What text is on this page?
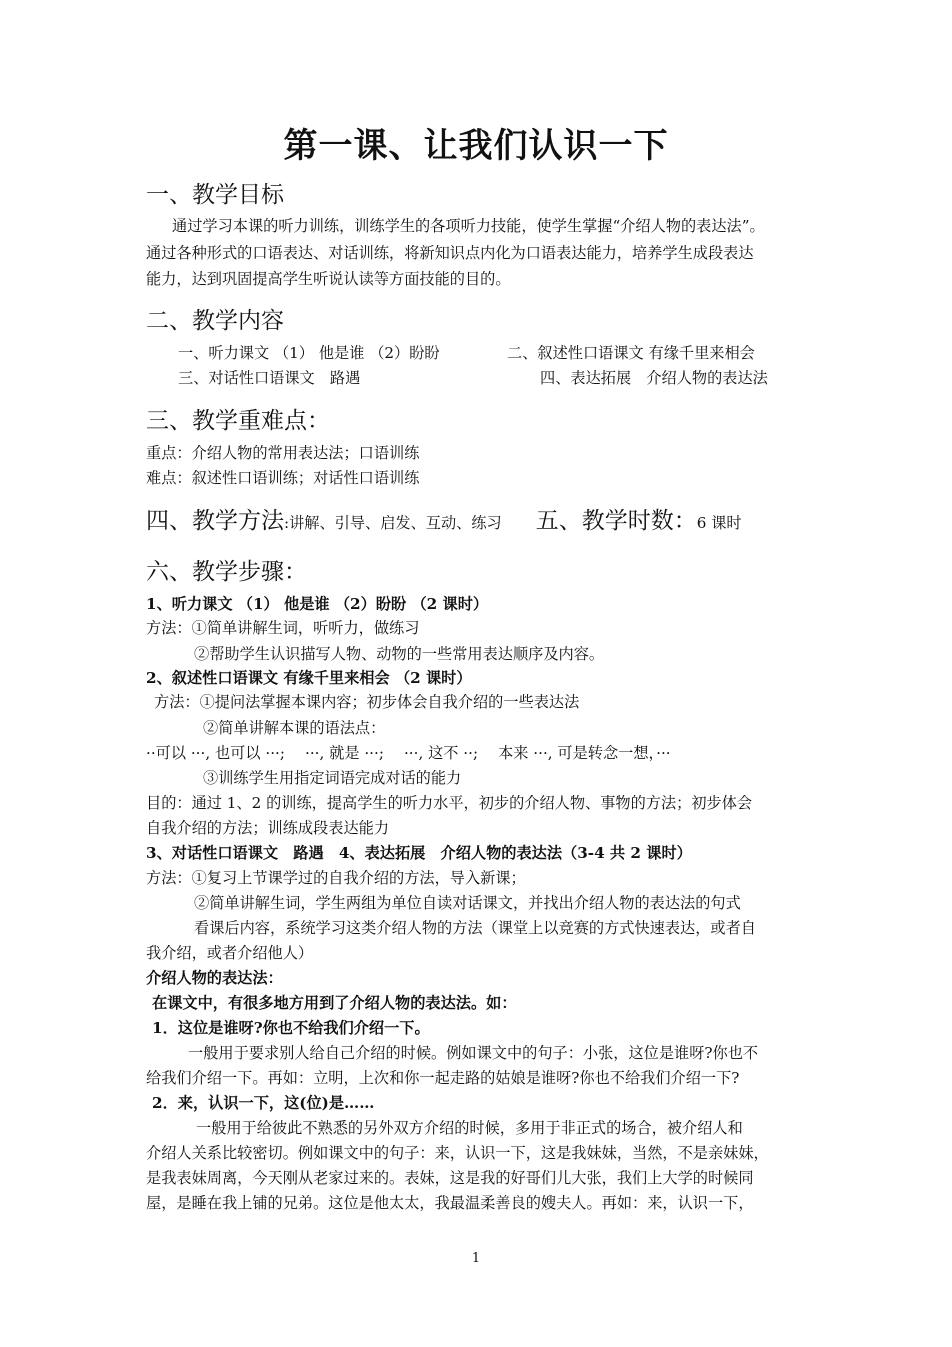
第一课、让我们认识一下
一、教学目标
通过学习本课的听力训练，训练学生的各项听力技能，使学生掌握“介绍人物的表达法”。
通过各种形式的口语表达、对话训练，将新知识点内化为口语表达能力，培养学生成段表达
能力，达到巩固提高学生听说认读等方面技能的目的。
二、教学内容
一、听力课文 （1） 他是谁 （2）盼盼	二、叙述性口语课文 有缘千里来相会
三、对话性口语课文　路遇	四、表达拓展　介绍人物的表达法
三、教学重难点：
重点：介绍人物的常用表达法；口语训练
难点：叙述性口语训练；对话性口语训练
四、教学方法:讲解、引导、启发、互动、练习 五、教学时数：6 课时
六、教学步骤：
1、听力课文 （1） 他是谁 （2）盼盼 （2 课时）
方法：①简单讲解生词，听听力，做练习
②帮助学生认识描写人物、动物的一些常用表达顺序及内容。
2、叙述性口语课文 有缘千里来相会 （2 课时）
方法：①提问法掌握本课内容；初步体会自我介绍的一些表达法
②简单讲解本课的语法点：
··可以 ···, 也可以 ···;　 ···, 就是 ···;　 ···, 这不 ··;　 本来 ···, 可是转念一想，···
③训练学生用指定词语完成对话的能力
目的：通过 1、2 的训练，提高学生的听力水平，初步的介绍人物、事物的方法；初步体会
自我介绍的方法；训练成段表达能力
3、对话性口语课文　路遇　4、表达拓展　介绍人物的表达法（3-4 共 2 课时）
方法：①复习上节课学过的自我介绍的方法，导入新课；
②简单讲解生词，学生两组为单位自读对话课文，并找出介绍人物的表达法的句式
看课后内容，系统学习这类介绍人物的方法（课堂上以竞赛的方式快速表达，或者自
我介绍，或者介绍他人）
介绍人物的表达法：
在课文中，有很多地方用到了介绍人物的表达法。如：
1．这位是谁呀?你也不给我们介绍一下。
一般用于要求别人给自己介绍的时候。例如课文中的句子：小张，这位是谁呀?你也不
给我们介绍一下。再如：立明，上次和你一起走路的姑娘是谁呀?你也不给我们介绍一下?
2．来，认识一下，这(位)是……
一般用于给彼此不熟悉的另外双方介绍的时候，多用于非正式的场合，被介绍人和
介绍人关系比较密切。例如课文中的句子：来，认识一下，这是我妹妹，当然，不是亲妹妹，
是我表妹周离，今天刚从老家过来的。表妹，这是我的好哥们儿大张，我们上大学的时候同
屋，是睡在我上铺的兄弟。这位是他太太，我最温柔善良的嫂夫人。再如：来，认识一下，
1
